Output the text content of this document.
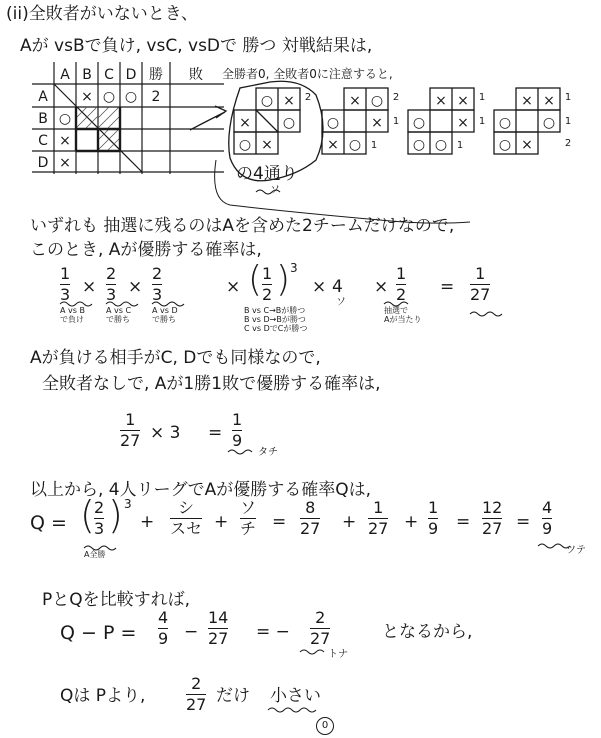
(ii)全敗者がいないとき、
Aが vsBで負け, vsC, vsDで 勝つ 対戦結果は,
A B C D 勝 敗
A
B
C
D
× ○ ○ 2
○
×
×
全勝者0, 全敗者0に注意すると,
○ ×
× ○
○ ×
2	× ○
○ ×
× ○
2
1
1
× ×
○ ×
○ ○
1
1
1
× ×
○ ○
○ ×
1
1
2
の4通り
ソ
いずれも 抽選に残るのはAを含めた2チームだけなので,
このとき, Aが優勝する確率は,
1
3 ×
2
3 ×
2
3	× ( 1
2 ) 3
× 4
ソ
×
1
2 =
1
27
A vs B
で負け
A vs C
で勝ち
A vs D
で勝ち
B vs C→Bが勝つ
B vs D→Bが勝つ
C vs DでCが勝つ
抽選で
Aが当たり
Aが負ける相手がC, Dでも同様なので,
全敗者なしで, Aが1勝1敗で優勝する確率は,
1
27 × 3 =
1
9
タチ
以上から, 4人リーグでAが優勝する確率Qは,
Q = ( 2
3 ) 3
A全勝
+
シ
スセ +
ソ
チ =
8
27 +
1
27 +
1
9 =
12
27 =
4
9
ツテ
PとQを比較すれば,
Q − P =
4
9 −
14
27 = −
2
27
トナ
となるから,
Qは Pより,
2
27 だけ 小さい
0
